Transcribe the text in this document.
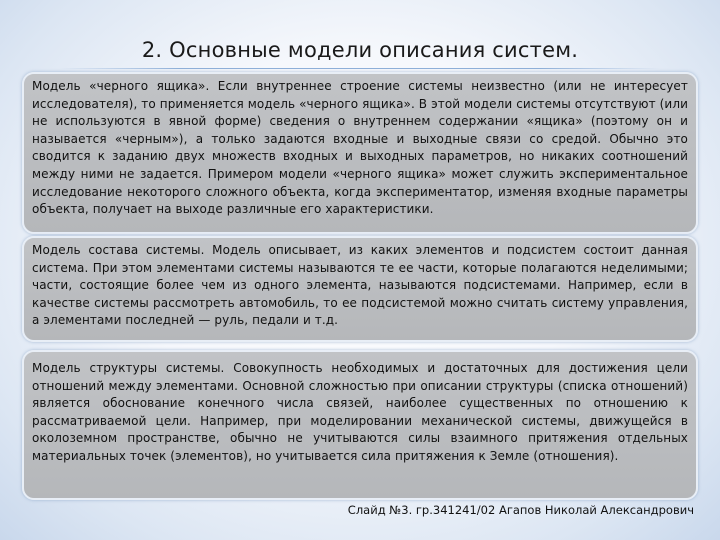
2. Основные модели описания систем.

Модель «черного ящика». Если внутреннее строение системы неизвестно (или не интересует исследователя), то применяется модель «черного ящика». В этой модели системы отсутствуют (или не используются в явной форме) сведения о внутреннем содержании «ящика» (поэтому он и называется «черным»), а только задаются входные и выходные связи со средой. Обычно это сводится к заданию двух множеств входных и выходных параметров, но никаких соотношений между ними не задается. Примером модели «черного ящика» может служить экспериментальное исследование некоторого сложного объекта, когда экспериментатор, изменяя входные параметры объекта, получает на выходе различные его характеристики.

Модель состава системы. Модель описывает, из каких элементов и подсистем состоит данная система. При этом элементами системы называются те ее части, которые полагаются неделимыми; части, состоящие более чем из одного элемента, называются подсистемами. Например, если в качестве системы рассмотреть автомобиль, то ее подсистемой можно считать систему управления, а элементами последней — руль, педали и т.д.

Модель структуры системы. Совокупность необходимых и достаточных для достижения цели отношений между элементами. Основной сложностью при описании структуры (списка отношений) является обоснование конечного числа связей, наиболее существенных по отношению к рассматриваемой цели. Например, при моделировании механической системы, движущейся в околоземном пространстве, обычно не учитываются силы взаимного притяжения отдельных материальных точек (элементов), но учитывается сила притяжения к Земле (отношения).

Слайд №3. гр.341241/02 Агапов Николай Александрович
